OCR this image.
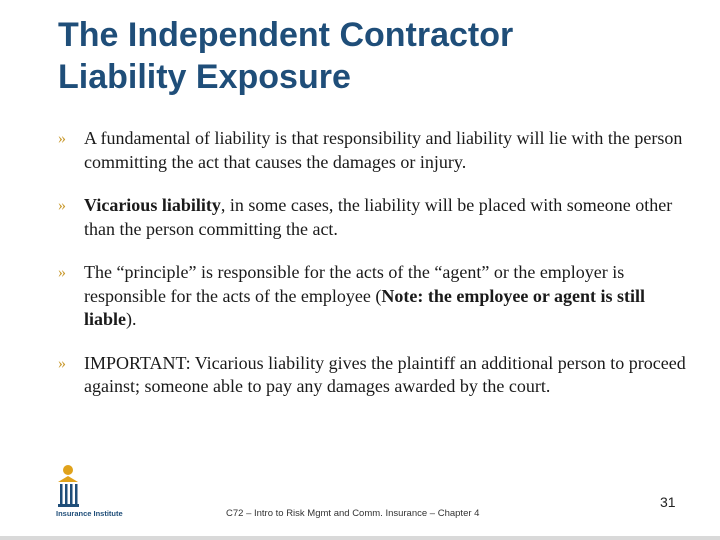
The Independent Contractor
Liability Exposure
» A fundamental of liability is that responsibility and liability will lie with the person committing the act that causes the damages or injury.
» Vicarious liability, in some cases, the liability will be placed with someone other than the person committing the act.
» The “principle” is responsible for the acts of the “agent” or the employer is responsible for the acts of the employee (Note: the employee or agent is still liable).
» IMPORTANT: Vicarious liability gives the plaintiff an additional person to proceed against; someone able to pay any damages awarded by the court.
Insurance Institute	C72 – Intro to Risk Mgmt and Comm. Insurance – Chapter 4
31
